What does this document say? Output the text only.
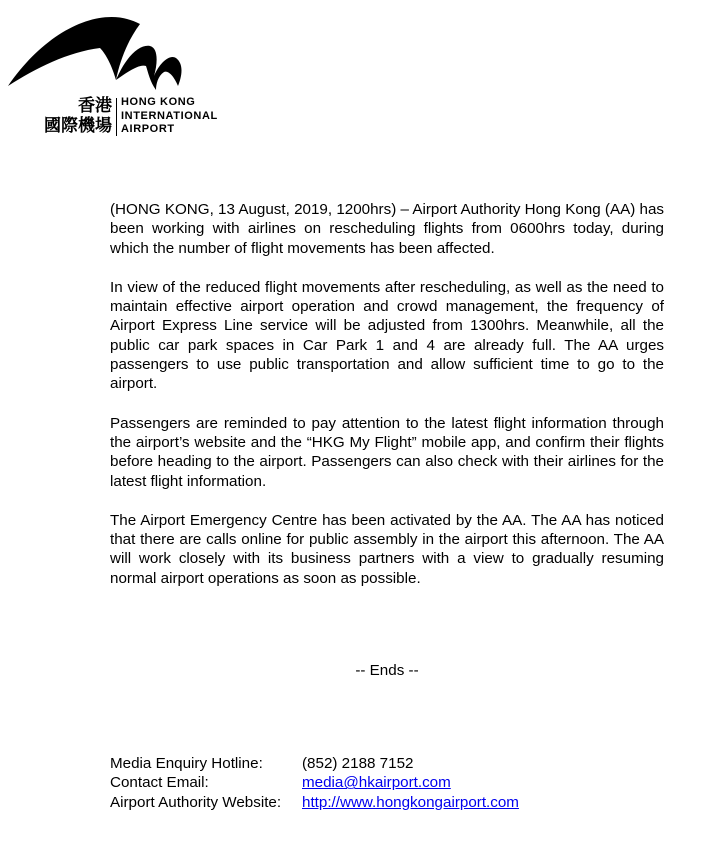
香港
國際機場
HONG KONG
INTERNATIONAL
AIRPORT

(HONG KONG, 13 August, 2019, 1200hrs) – Airport Authority Hong Kong (AA) has been working with airlines on rescheduling flights from 0600hrs today, during which the number of flight movements has been affected.

In view of the reduced flight movements after rescheduling, as well as the need to maintain effective airport operation and crowd management, the frequency of Airport Express Line service will be adjusted from 1300hrs. Meanwhile, all the public car park spaces in Car Park 1 and 4 are already full. The AA urges passengers to use public transportation and allow sufficient time to go to the airport.

Passengers are reminded to pay attention to the latest flight information through the airport’s website and the “HKG My Flight” mobile app, and confirm their flights before heading to the airport. Passengers can also check with their airlines for the latest flight information.

The Airport Emergency Centre has been activated by the AA. The AA has noticed that there are calls online for public assembly in the airport this afternoon. The AA will work closely with its business partners with a view to gradually resuming normal airport operations as soon as possible.

-- Ends --
Media Enquiry Hotline:	(852) 2188 7152
Contact Email:	media@hkairport.com
Airport Authority Website:	http://www.hongkongairport.com
